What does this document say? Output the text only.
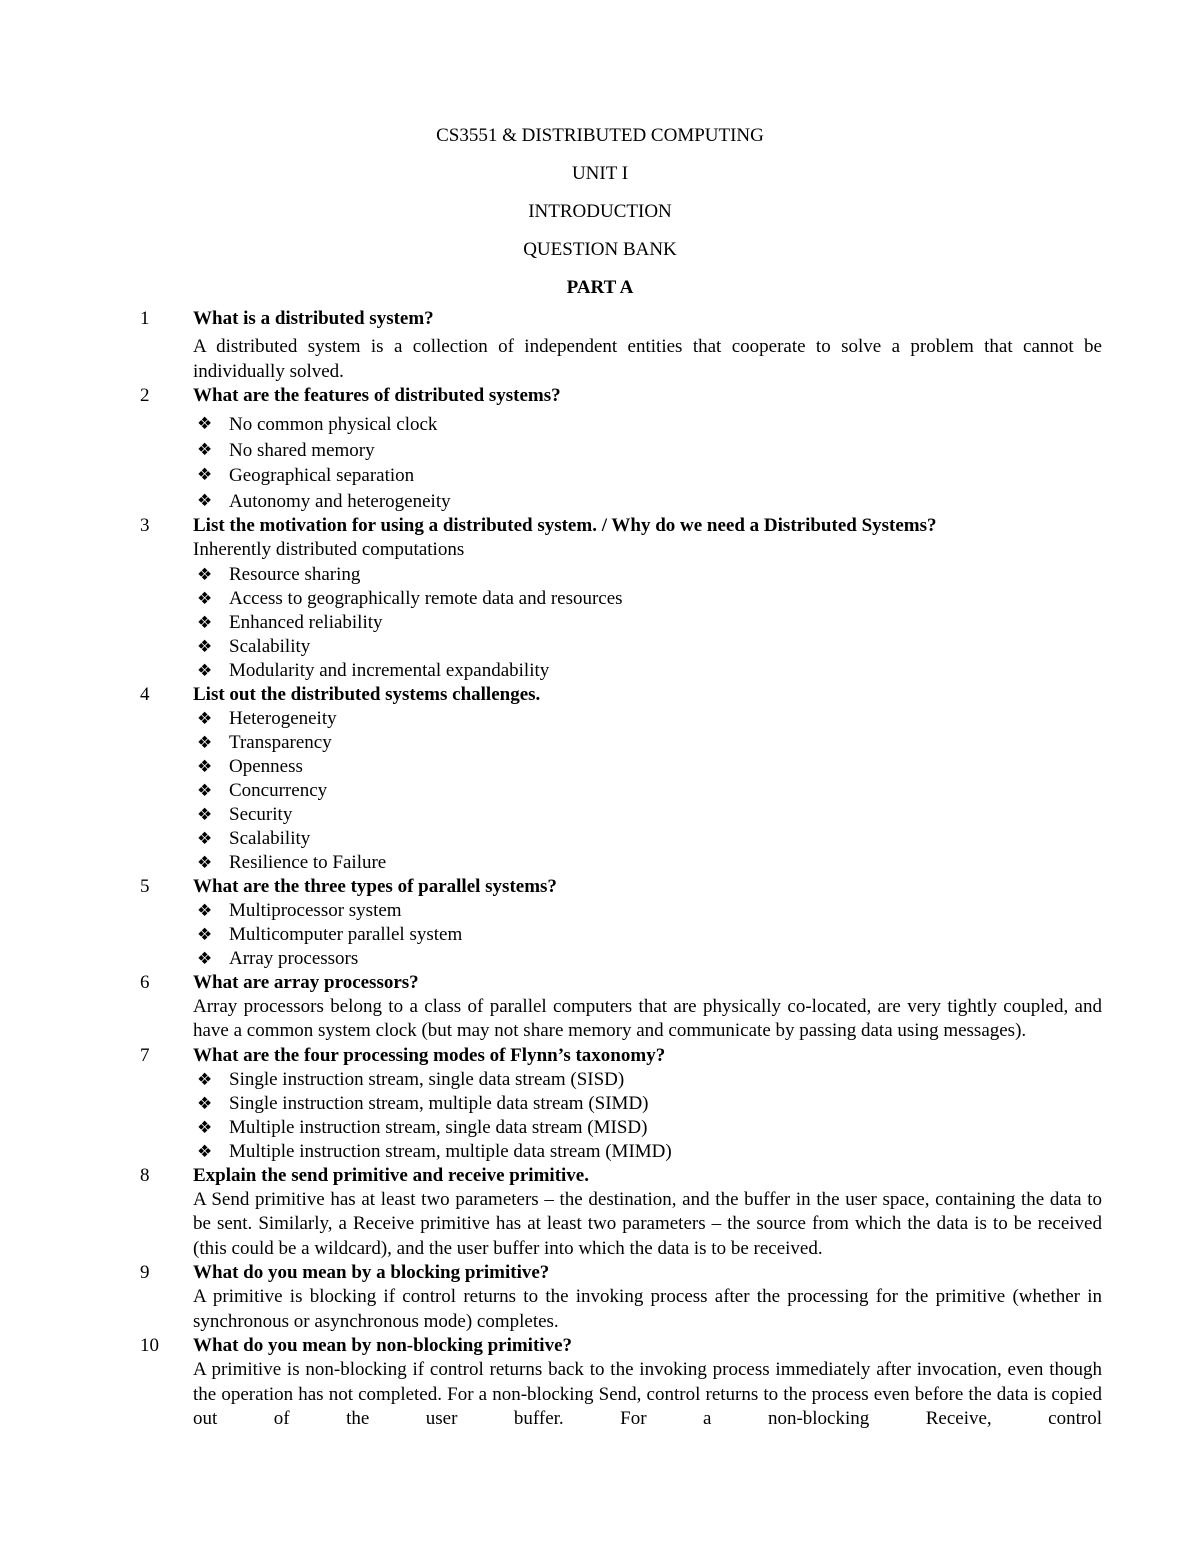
CS3551 & DISTRIBUTED COMPUTING
UNIT I
INTRODUCTION
QUESTION BANK
PART A
1	What is a distributed system?
A distributed system is a collection of independent entities that cooperate to solve a problem that cannot be individually solved.
2	What are the features of distributed systems?
❖ No common physical clock
❖ No shared memory
❖ Geographical separation
❖ Autonomy and heterogeneity
3	List the motivation for using a distributed system. / Why do we need a Distributed Systems?
Inherently distributed computations
❖ Resource sharing
❖ Access to geographically remote data and resources
❖ Enhanced reliability
❖ Scalability
❖ Modularity and incremental expandability
4	List out the distributed systems challenges.
❖ Heterogeneity
❖ Transparency
❖ Openness
❖ Concurrency
❖ Security
❖ Scalability
❖ Resilience to Failure
5	What are the three types of parallel systems?
❖ Multiprocessor system
❖ Multicomputer parallel system
❖ Array processors
6	What are array processors?
Array processors belong to a class of parallel computers that are physically co-located, are very tightly coupled, and have a common system clock (but may not share memory and communicate by passing data using messages).
7	What are the four processing modes of Flynn’s taxonomy?
❖ Single instruction stream, single data stream (SISD)
❖ Single instruction stream, multiple data stream (SIMD)
❖ Multiple instruction stream, single data stream (MISD)
❖ Multiple instruction stream, multiple data stream (MIMD)
8	Explain the send primitive and receive primitive.
A Send primitive has at least two parameters – the destination, and the buffer in the user space, containing the data to be sent. Similarly, a Receive primitive has at least two parameters – the source from which the data is to be received (this could be a wildcard), and the user buffer into which the data is to be received.
9	What do you mean by a blocking primitive?
A primitive is blocking if control returns to the invoking process after the processing for the primitive (whether in synchronous or asynchronous mode) completes.
10	What do you mean by non-blocking primitive?
A primitive is non-blocking if control returns back to the invoking process immediately after invocation, even though the operation has not completed. For a non-blocking Send, control returns to the process even before the data is copied out of the user buffer. For a non-blocking Receive, control
